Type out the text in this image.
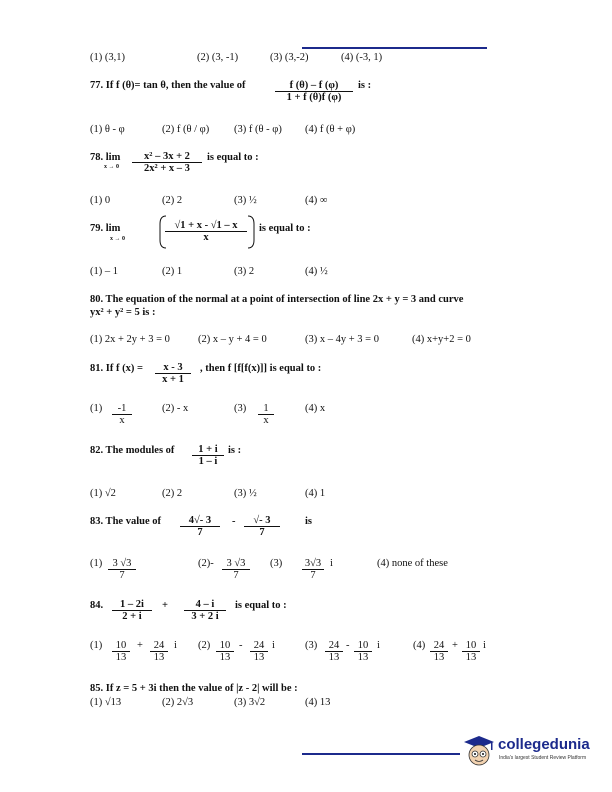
(1) (3,1)	(2) (3, -1)	(3) (3,-2)	(4) (-3, 1)
77. If f (θ)= tan θ, then the value of	$\frac{f (\theta) - f (\varphi)}{1 + f (\theta)f (\varphi)}$ is :
(1) θ - φ	(2) f (θ / φ) (3) f (θ - φ) (4) f (θ + φ)
78. lim
$x \to 0 \frac{\text{x² – 3x + 2}}{\text{2x² + x – 3}}$ is equal to :
(1) 0	(2) 2	(3) ½	(4) ∞
79. lim
x → 0	$\frac{√1 + x - √1 - x}{x}$ is equal to :
(1) – 1	(2) 1	(3) 2	(4) ½
80. The equation of the normal at a point of intersection of line 2x + y = 3 and curve
yx² + y² = 5 is :
(1) 2x + 2y + 3 = 0	(2) x – y + 4 = 0	(3) x – 4y + 3 = 0	(4) x+y+2 = 0
81. If f $(x) = \frac{x - 3}{x + 1}$ , then f [f[f(x)]] is equal to :
$(1) \frac{-1}{x}$	(2) - x	$(3) \frac{1}{x}$	(4) x
82. The modules of $\frac{1 + i}{1 - i}$ is :
(1) √2	(2) 2	(3) ½	(4) 1
83. The value of $\frac{4√- 3}{7} - \frac{√- 3}{7}$ is
$(1) \frac{3 √3}{7}$	$(2)- \frac{3 √3}{7} (3) \frac{3√3}{7}$ i	(4) none of these
84. $\frac{1 - 2i}{2 + i} + \frac{4 - i}{3 + 2 i}$ is equal to :
$(1) \frac{10}{13} + \frac{24}{13}$ i $(2) \frac{10}{13} - \frac{24}{13}$ i	$(3) \frac{24}{13} - \frac{10}{13}$ i	$(4) \frac{24}{13} + \frac{10}{13}$ i
85. If z = 5 + 3i then the value of |z - 2| will be :
(1) √13	(2) 2√3	(3) 3√2	(4) 13
collegedunia
India's largest Student Review Platform
